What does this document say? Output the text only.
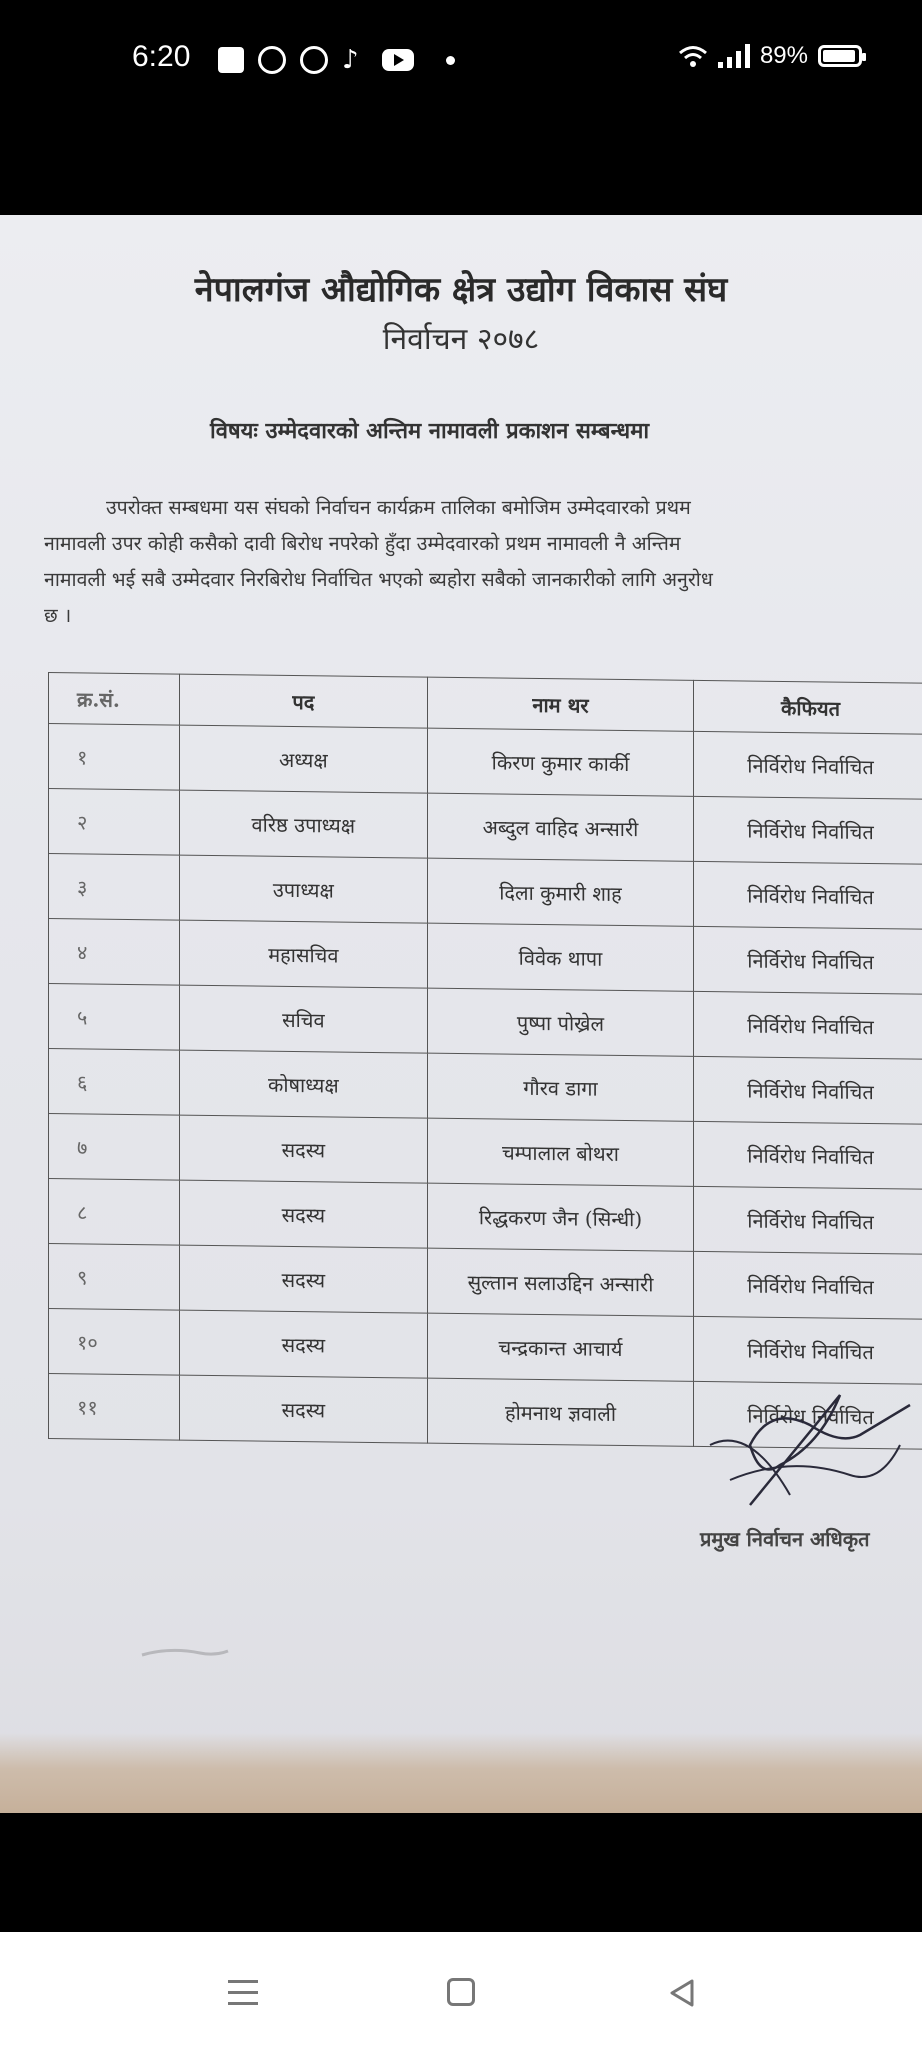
6:20	♪	89%
नेपालगंज औद्योगिक क्षेत्र उद्योग विकास संघ
निर्वाचन २०७८
विषयः उम्मेदवारको अन्तिम नामावली प्रकाशन सम्बन्धमा
उपरोक्त सम्बधमा यस संघको निर्वाचन कार्यक्रम तालिका बमोजिम उम्मेदवारको प्रथम
नामावली उपर कोही कसैको दावी बिरोध नपरेको हुँदा उम्मेदवारको प्रथम नामावली नै अन्तिम
नामावली भई सबै उम्मेदवार निरबिरोध निर्वाचित भएको ब्यहोरा सबैको जानकारीको लागि अनुरोध
छ ।
क्र.सं.	पद	नाम थर	कैफियत
१	अध्यक्ष	किरण कुमार कार्की	निर्विरोध निर्वाचित
२	वरिष्ठ उपाध्यक्ष	अब्दुल वाहिद अन्सारी	निर्विरोध निर्वाचित
३	उपाध्यक्ष	दिला कुमारी शाह	निर्विरोध निर्वाचित
४	महासचिव	विवेक थापा	निर्विरोध निर्वाचित
५	सचिव	पुष्पा पोख्रेल	निर्विरोध निर्वाचित
६	कोषाध्यक्ष	गौरव डागा	निर्विरोध निर्वाचित
७	सदस्य	चम्पालाल बोथरा	निर्विरोध निर्वाचित
८	सदस्य	रिद्धकरण जैन (सिन्धी)	निर्विरोध निर्वाचित
९	सदस्य	सुल्तान सलाउद्दिन अन्सारी	निर्विरोध निर्वाचित
१०	सदस्य	चन्द्रकान्त आचार्य	निर्विरोध निर्वाचित
११	सदस्य	होमनाथ ज्ञवाली	निर्विरोध निर्वाचित
प्रमुख निर्वाचन अधिकृत
